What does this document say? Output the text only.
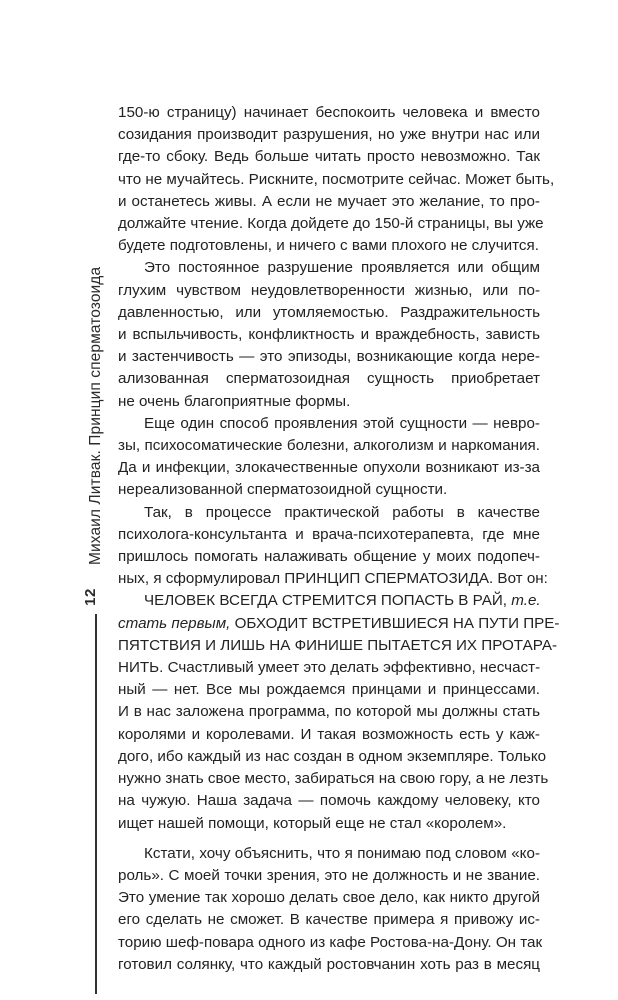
Михаил Литвак. Принцип сперматозоида
12

150-ю страницу) начинает беспокоить человека и вместо
созидания производит разрушения, но уже внутри нас или
где-то сбоку. Ведь больше читать просто невозможно. Так
что не мучайтесь. Рискните, посмотрите сейчас. Может быть,
и останетесь живы. А если не мучает это желание, то про-
должайте чтение. Когда дойдете до 150-й страницы, вы уже
будете подготовлены, и ничего с вами плохого не случится.

Это постоянное разрушение проявляется или общим
глухим чувством неудовлетворенности жизнью, или по-
давленностью, или утомляемостью. Раздражительность
и вспыльчивость, конфликтность и враждебность, зависть
и застенчивость — это эпизоды, возникающие когда нере-
ализованная сперматозоидная сущность приобретает
не очень благоприятные формы.

Еще один способ проявления этой сущности — невро-
зы, психосоматические болезни, алкоголизм и наркомания.
Да и инфекции, злокачественные опухоли возникают из-за
нереализованной сперматозоидной сущности.

Так, в процессе практической работы в качестве
психолога-консультанта и врача-психотерапевта, где мне
пришлось помогать налаживать общение у моих подопеч-
ных, я сформулировал ПРИНЦИП СПЕРМАТОЗИДА. Вот он:

ЧЕЛОВЕК ВСЕГДА СТРЕМИТСЯ ПОПАСТЬ В РАЙ, т.е.
стать первым, ОБХОДИТ ВСТРЕТИВШИЕСЯ НА ПУТИ ПРЕ-
ПЯТСТВИЯ И ЛИШЬ НА ФИНИШЕ ПЫТАЕТСЯ ИХ ПРОТАРА-
НИТЬ. Счастливый умеет это делать эффективно, несчаст-
ный — нет. Все мы рождаемся принцами и принцессами.
И в нас заложена программа, по которой мы должны стать
королями и королевами. И такая возможность есть у каж-
дого, ибо каждый из нас создан в одном экземпляре. Только
нужно знать свое место, забираться на свою гору, а не лезть
на чужую. Наша задача — помочь каждому человеку, кто
ищет нашей помощи, который еще не стал «королем».

Кстати, хочу объяснить, что я понимаю под словом «ко-
роль». С моей точки зрения, это не должность и не звание.
Это умение так хорошо делать свое дело, как никто другой
его сделать не сможет. В качестве примера я привожу ис-
торию шеф-повара одного из кафе Ростова-на-Дону. Он так
готовил солянку, что каждый ростовчанин хоть раз в месяц
